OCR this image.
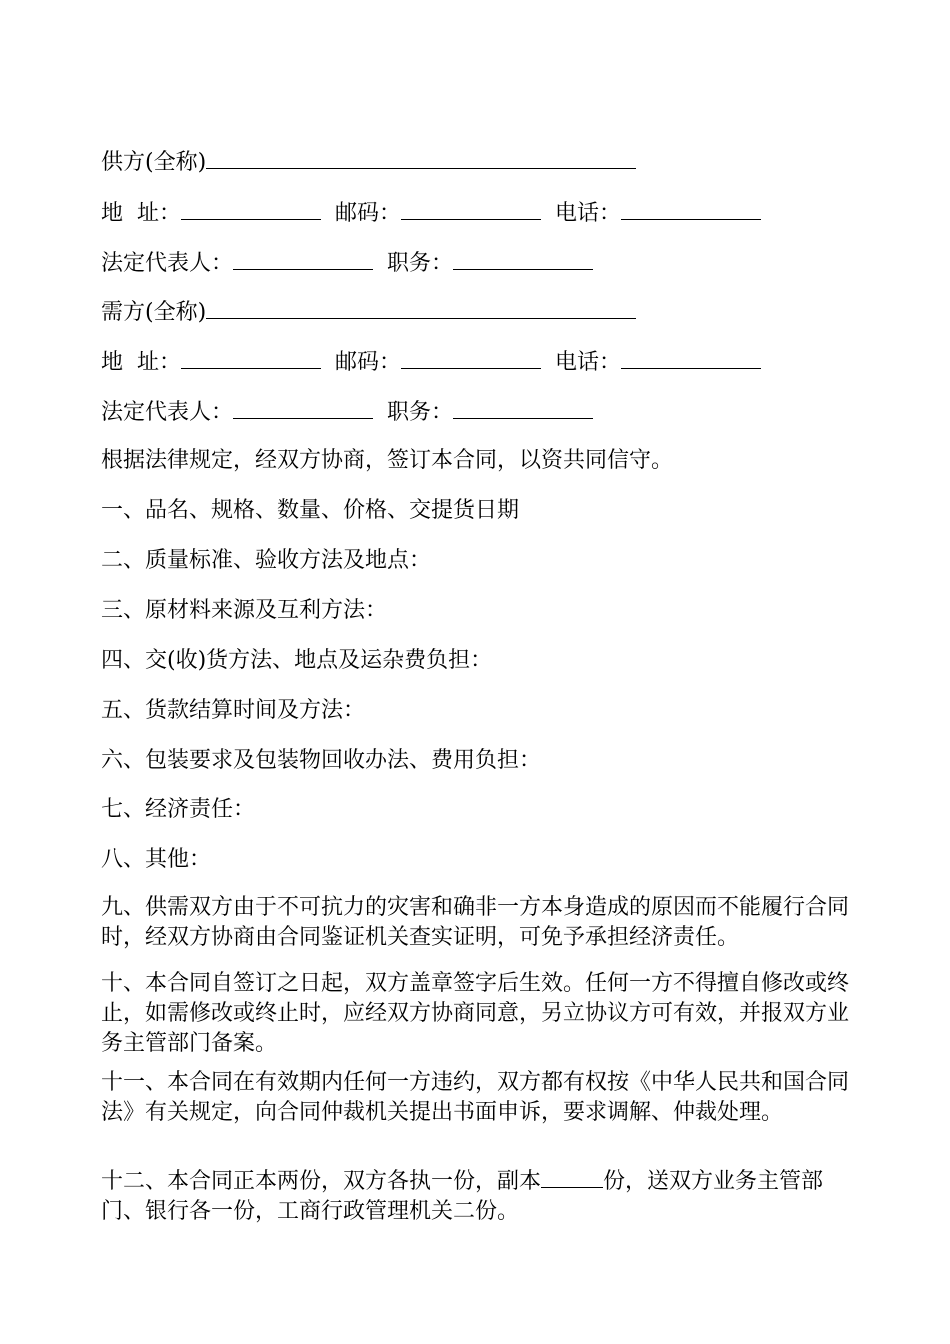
供方(全称)
地  址：	邮码：	电话：
法定代表人：	职务：
需方(全称)
地  址：	邮码：	电话：
法定代表人：	职务：
根据法律规定，经双方协商，签订本合同，以资共同信守。
一、品名、规格、数量、价格、交提货日期
二、质量标准、验收方法及地点：
三、原材料来源及互利方法：
四、交(收)货方法、地点及运杂费负担：
五、货款结算时间及方法：
六、包装要求及包装物回收办法、费用负担：
七、经济责任：
八、其他：
九、供需双方由于不可抗力的灾害和确非一方本身造成的原因而不能履行合同时，经双方协商由合同鉴证机关查实证明，可免予承担经济责任。
十、本合同自签订之日起，双方盖章签字后生效。任何一方不得擅自修改或终止，如需修改或终止时，应经双方协商同意，另立协议方可有效，并报双方业务主管部门备案。
十一、本合同在有效期内任何一方违约，双方都有权按《中华人民共和国合同法》有关规定，向合同仲裁机关提出书面申诉，要求调解、仲裁处理。
十二、本合同正本两份，双方各执一份，副本	份，送双方业务主管部门、银行各一份，工商行政管理机关二份。
